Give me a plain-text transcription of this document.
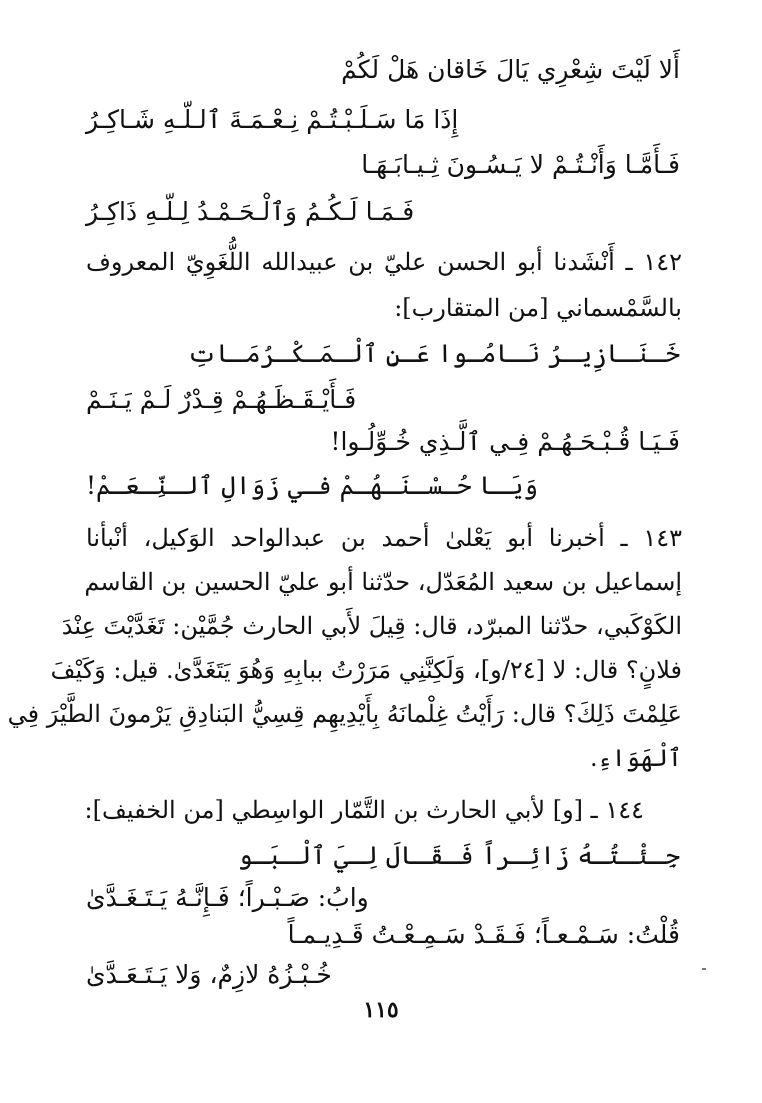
أَلا لَيْتَ شِعْرِي يَالَ خَاقان هَلْ لَكُمْ
إِذَا مَا سَـلَـبْـتُـمْ نِـعْـمَـةَ ٱلـلّـهِ شَـاكِـرُ
فَـأَمَّـا وَأَنْـتُـمْ لا يَـسُـونَ ثِـيـابَـهَـا
فَـمَـا لَـكُـمُ وَٱلْـحَـمْـدُ لِـلّـهِ ذَاكِـرُ
١٤٢ ـ أَنْشَدنا أبو الحسن عليّ بن عبيدالله اللُّغَوِيّ المعروف
بالسَّمْسماني [من المتقارب]:
خَـنَـازِيـرُ نَـامُـوا عَـنِ ٱلْـمَـكْـرُمَـاتِ
فَـأَيْـقَـظَـهُـمْ قِـدْرٌ لَـمْ يَـنَـمْ
فَـيَـا قُـبْـحَـهُـمْ فِـي ٱلَّـذِي خُـوِّلُـوا!
وَيَـا حُـسْـنَـهُـمْ فـي زَوَالِ ٱلـنِّـعَـمْ!
١٤٣ ـ أخبرنا أبو يَعْلىٰ أحمد بن عبدالواحد الوَكيل، أنْبأنا
إسماعيل بن سعيد المُعَدّل، حدّثنا أبو عليّ الحسين بن القاسم
الكَوْكَبي، حدّثنا المبرّد، قال: قِيلَ لأَبي الحارث جُمَّيْن: تَغَدَّيْتَ عِنْدَ
فلانٍ؟ قال: لا [٢٤/و]، وَلَكِنَّنِي مَرَرْتُ ببابِهِ وَهُوَ يَتَغَدَّىٰ. قيل: وَكَيْفَ
عَلِمْتَ ذَلِكَ؟ قال: رَأَيْتُ غِلْمانَهُ بِأَيْدِيهِم قِسِيُّ البَنادِقِ يَرْمونَ الطَّيْرَ فِي
ٱلْهَوَاءِ.
١٤٤ ـ [و] لأبي الحارث بن التَّمّار الواسِطي [من الخفيف]:
جِـئْـتُـهُ زَائِـراً فَـقَـالَ لِـيَ ٱلْـبَـو
وابُ: صَـبْـراً؛ فَـإِنَّـهُ يَـتَـغَـدَّىٰ
قُلْتُ: سَـمْـعـاً؛ فَـقَـدْ سَـمِـعْـتُ قَـدِيـمـاً
خُـبْـزُهُ لازِمٌ، وَلا يَـتَـعَـدَّىٰ
١١٥
